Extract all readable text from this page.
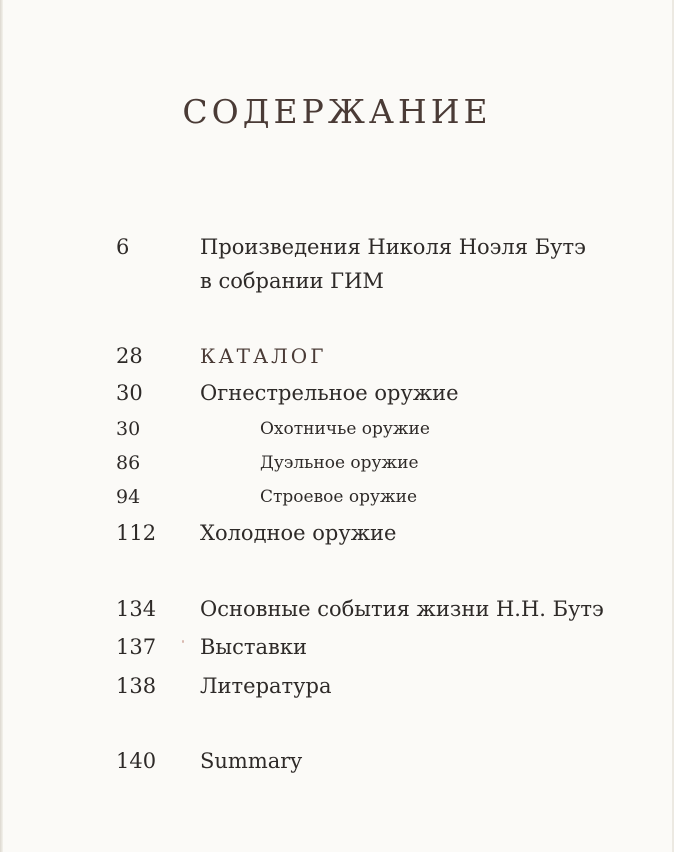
СОДЕРЖАНИЕ
6	Произведения Николя Ноэля Бутэ
в собрании ГИМ
28	КАТАЛОГ
30	Огнестрельное оружие
30	Охотничье оружие
86	Дуэльное оружие
94	Строевое оружие
112 Холодное оружие
134 Основные события жизни Н.Н. Бутэ
137 Выставки
138 Литература
140 Summary
